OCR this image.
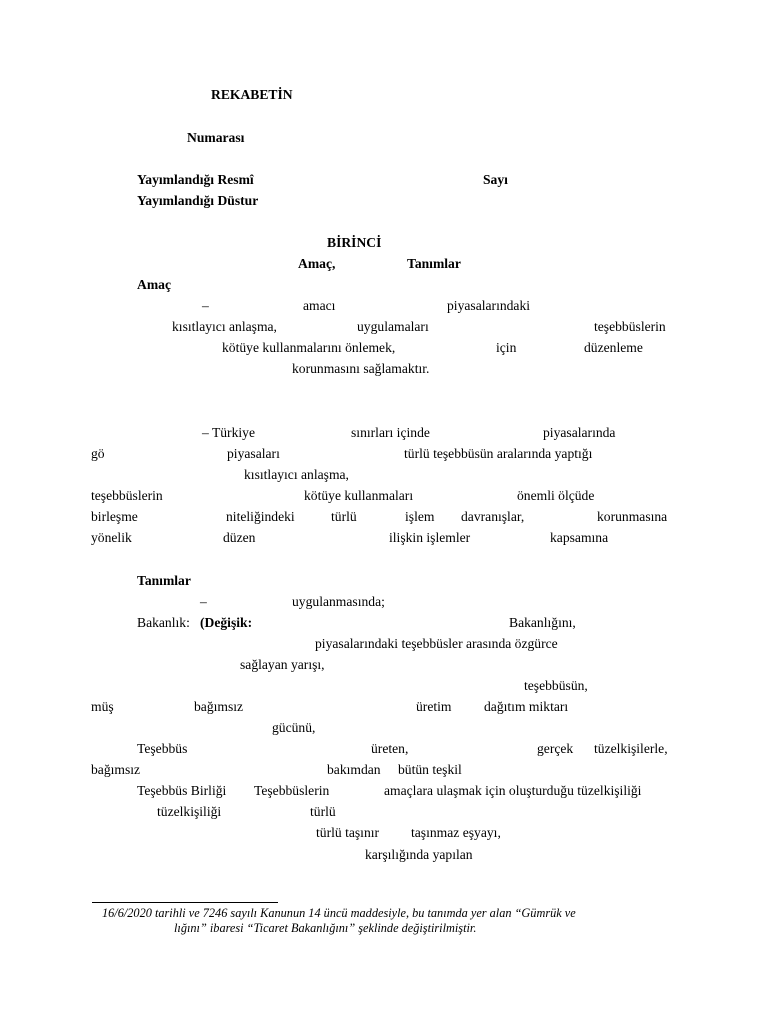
REKABETİN
Numarası
Yayımlandığı Resmî	Sayı
Yayımlandığı Düstur
BİRİNCİ
Amaç,	Tanımlar
Amaç
–	amacı	piyasalarındaki
kısıtlayıcı anlaşma,	uygulamaları	teşebbüslerin
kötüye kullanmalarını önlemek,	için	düzenleme
korunmasını sağlamaktır.
– Türkiye	sınırları içinde	piyasalarında
gö	piyasaları	türlü teşebbüsün aralarında yaptığı
kısıtlayıcı anlaşma,
teşebbüslerin	kötüye kullanmaları	önemli ölçüde
birleşme	niteliğindeki	türlü	işlem davranışlar,	korunmasına
yönelik	düzen	ilişkin işlemler	kapsamına
Tanımlar
–	uygulanmasında;
Bakanlık: (Değişik:	Bakanlığını,
piyasalarındaki teşebbüsler arasında özgürce
sağlayan yarışı,
teşebbüsün,
müş	bağımsız	üretim dağıtım miktarı
gücünü,
Teşebbüs	üreten,	gerçek tüzelkişilerle,
bağımsız	bakımdan bütün teşkil
Teşebbüs Birliği Teşebbüslerin	amaçlara ulaşmak için oluşturduğu tüzelkişiliği
tüzelkişiliği	türlü
türlü taşınır taşınmaz eşyayı,
karşılığında yapılan
16/6/2020 tarihli ve 7246 sayılı Kanunun 14 üncü maddesiyle, bu tanımda yer alan “Gümrük ve
lığını” ibaresi “Ticaret Bakanlığını” şeklinde değiştirilmiştir.
